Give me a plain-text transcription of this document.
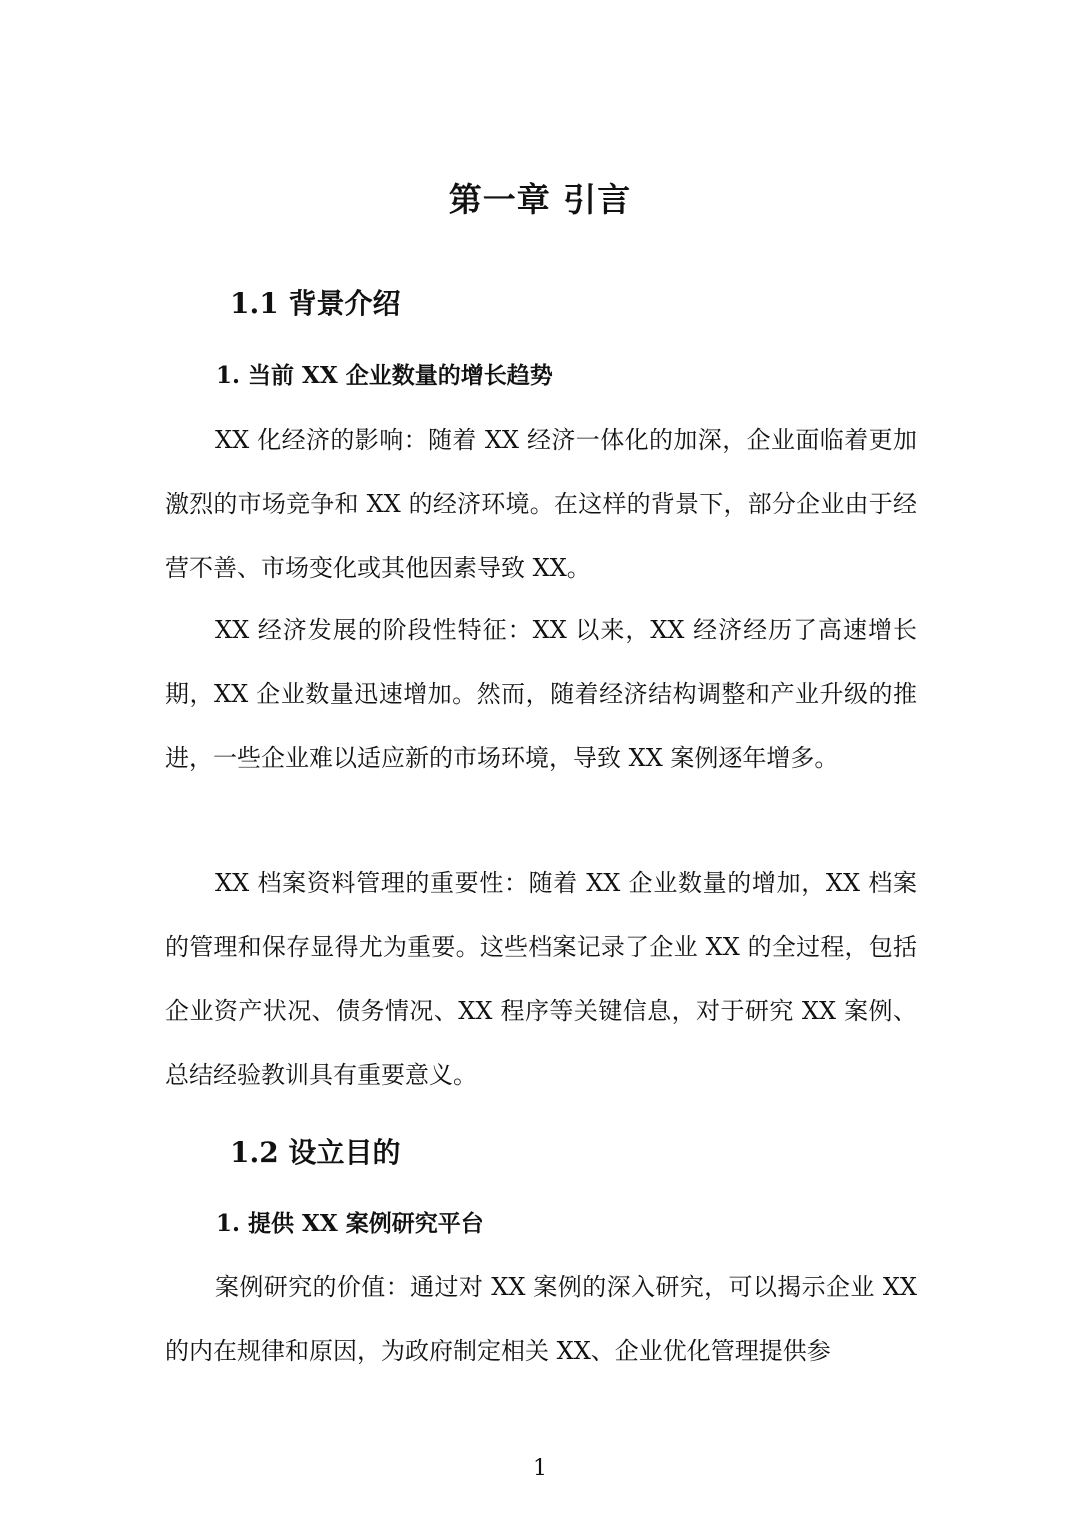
第一章 引言
1.1 背景介绍
1. 当前 XX 企业数量的增长趋势

XX 化经济的影响：随着 XX 经济一体化的加深，企业面临着更加激烈的市场竞争和 XX 的经济环境。在这样的背景下，部分企业由于经营不善、市场变化或其他因素导致 XX。

XX 经济发展的阶段性特征：XX 以来，XX 经济经历了高速增长期，XX 企业数量迅速增加。然而，随着经济结构调整和产业升级的推进，一些企业难以适应新的市场环境，导致 XX 案例逐年增多。

XX 档案资料管理的重要性：随着 XX 企业数量的增加，XX 档案的管理和保存显得尤为重要。这些档案记录了企业 XX 的全过程，包括企业资产状况、债务情况、XX 程序等关键信息，对于研究 XX 案例、总结经验教训具有重要意义。

1.2 设立目的
1. 提供 XX 案例研究平台

案例研究的价值：通过对 XX 案例的深入研究，可以揭示企业 XX 的内在规律和原因，为政府制定相关 XX、企业优化管理提供参

1
